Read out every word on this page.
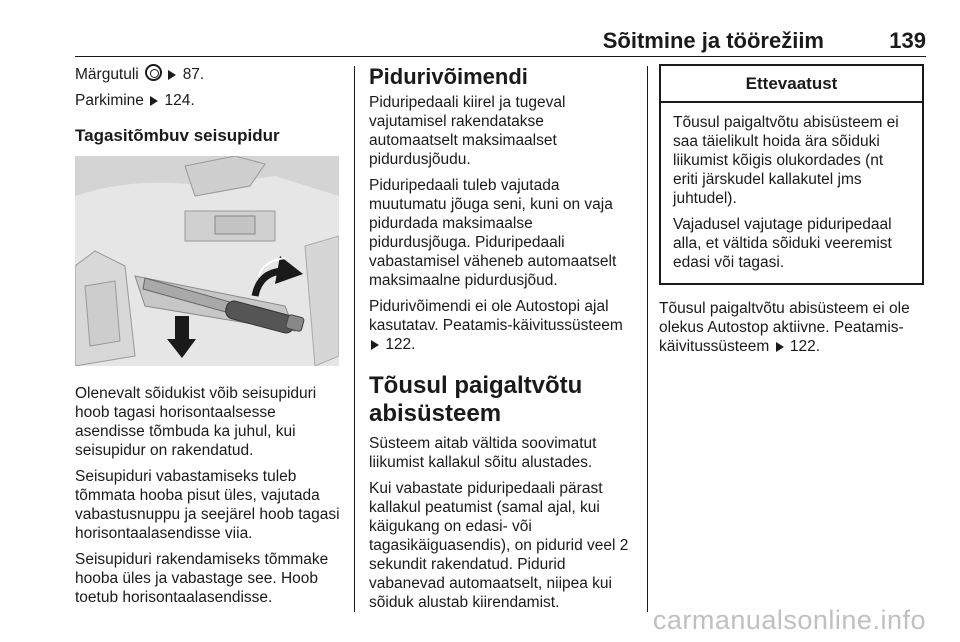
Sõitmine ja töörežiim	139

Märgutuli	87.

Parkimine 124.

Tagasitõmbuv seisupidur

Olenevalt sõidukist võib seisupiduri hoob tagasi horisontaalsesse asendisse tõmbuda ka juhul, kui seisupidur on rakendatud.

Seisupiduri vabastamiseks tuleb tõmmata hooba pisut üles, vajutada vabastusnuppu ja seejärel hoob tagasi horisontaalasendisse viia.

Seisupiduri rakendamiseks tõmmake hooba üles ja vabastage see. Hoob toetub horisontaalasendisse.

Pidurivõimendi

Piduripedaali kiirel ja tugeval vajutamisel rakendatakse automaatselt maksimaalset pidurdusjõudu.

Piduripedaali tuleb vajutada muutumatu jõuga seni, kuni on vaja pidurdada maksimaalse pidurdusjõuga. Piduripedaali vabastamisel väheneb automaatselt maksimaalne pidurdusjõud.

Pidurivõimendi ei ole Autostopi ajal kasutatav. Peatamis-käivitussüsteem  122.

Tõusul paigaltvõtu abisüsteem

Süsteem aitab vältida soovimatut liikumist kallakul sõitu alustades.

Kui vabastate piduripedaali pärast kallakul peatumist (samal ajal, kui käigukang on edasi- või tagasikäiguasendis), on pidurid veel 2 sekundit rakendatud. Pidurid vabanevad automaatselt, niipea kui sõiduk alustab kiirendamist.

Ettevaatust

Tõusul paigaltvõtu abisüsteem ei saa täielikult hoida ära sõiduki liikumist kõigis olukordades (nt eriti järskudel kallakutel jms juhtudel).

Vajadusel vajutage piduripedaal alla, et vältida sõiduki veeremist edasi või tagasi.

Tõusul paigaltvõtu abisüsteem ei ole olekus Autostop aktiivne. Peatamis-käivitussüsteem 122.

carmanualsonline.info
